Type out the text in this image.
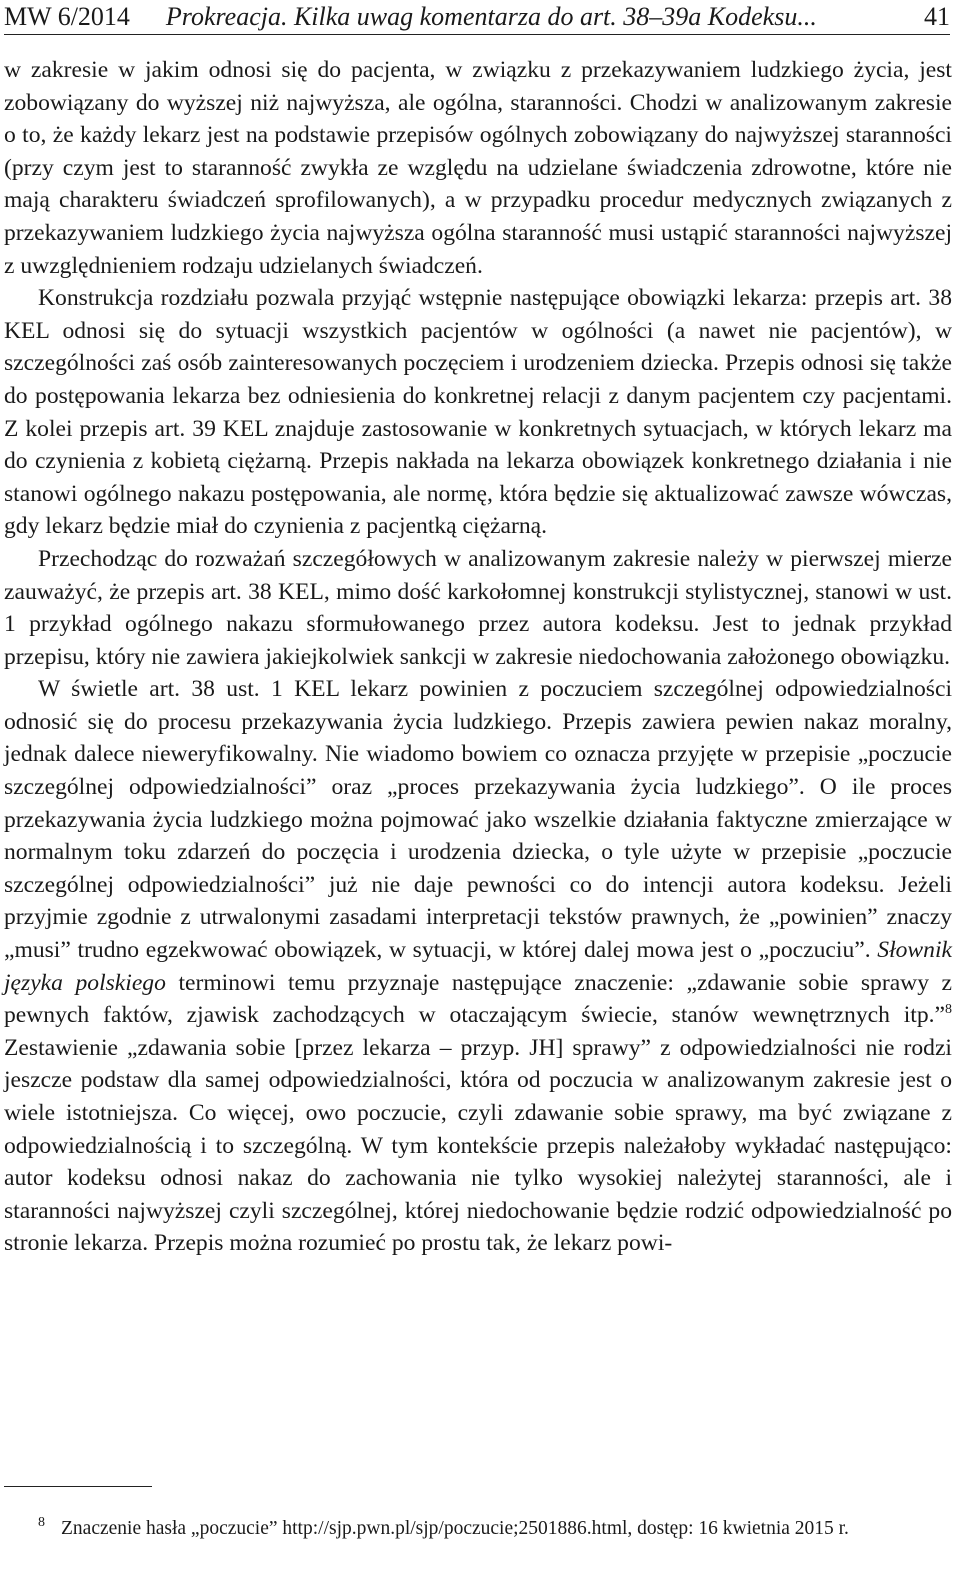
MW 6/2014	Prokreacja. Kilka uwag komentarza do art. 38–39a Kodeksu...	41

w zakresie w jakim odnosi się do pacjenta, w związku z przekazywaniem ludzkiego życia, jest zobowiązany do wyższej niż najwyższa, ale ogólna, staranności. Chodzi w analizowanym zakresie o to, że każdy lekarz jest na podstawie przepisów ogólnych zobowiązany do najwyższej staranności (przy czym jest to staranność zwykła ze względu na udzielane świadczenia zdrowotne, które nie mają charakteru świadczeń sprofilowanych), a w przypadku procedur medycznych związanych z przekazywaniem ludzkiego życia najwyższa ogólna staranność musi ustąpić staranności najwyższej z uwzględnieniem rodzaju udzielanych świadczeń.

Konstrukcja rozdziału pozwala przyjąć wstępnie następujące obowiązki lekarza: przepis art. 38 KEL odnosi się do sytuacji wszystkich pacjentów w ogólności (a nawet nie pacjentów), w szczególności zaś osób zainteresowanych poczęciem i urodzeniem dziecka. Przepis odnosi się także do postępowania lekarza bez odniesienia do konkretnej relacji z danym pacjentem czy pacjentami. Z kolei przepis art. 39 KEL znajduje zastosowanie w konkretnych sytuacjach, w których lekarz ma do czynienia z kobietą ciężarną. Przepis nakłada na lekarza obowiązek konkretnego działania i nie stanowi ogólnego nakazu postępowania, ale normę, która będzie się aktualizować zawsze wówczas, gdy lekarz będzie miał do czynienia z pacjentką ciężarną.

Przechodząc do rozważań szczegółowych w analizowanym zakresie należy w pierwszej mierze zauważyć, że przepis art. 38 KEL, mimo dość karkołomnej konstrukcji stylistycznej, stanowi w ust. 1 przykład ogólnego nakazu sformułowanego przez autora kodeksu. Jest to jednak przykład przepisu, który nie zawiera jakiejkolwiek sankcji w zakresie niedochowania założonego obowiązku.

W świetle art. 38 ust. 1 KEL lekarz powinien z poczuciem szczególnej odpowiedzialności odnosić się do procesu przekazywania życia ludzkiego. Przepis zawiera pewien nakaz moralny, jednak dalece nieweryfikowalny. Nie wiadomo bowiem co oznacza przyjęte w przepisie „poczucie szczególnej odpowiedzialności” oraz „proces przekazywania życia ludzkiego”. O ile proces przekazywania życia ludzkiego można pojmować jako wszelkie działania faktyczne zmierzające w normalnym toku zdarzeń do poczęcia i urodzenia dziecka, o tyle użyte w przepisie „poczucie szczególnej odpowiedzialności” już nie daje pewności co do intencji autora kodeksu. Jeżeli przyjmie zgodnie z utrwalonymi zasadami interpretacji tekstów prawnych, że „powinien” znaczy „musi” trudno egzekwować obowiązek, w sytuacji, w której dalej mowa jest o „poczuciu”. Słownik języka polskiego terminowi temu przyznaje następujące znaczenie: „zdawanie sobie sprawy z pewnych faktów, zjawisk zachodzących w otaczającym świecie, stanów wewnętrznych itp.”$^8$ Zestawienie „zdawania sobie [przez lekarza – przyp. JH] sprawy” z odpowiedzialności nie rodzi jeszcze podstaw dla samej odpowiedzialności, która od poczucia w analizowanym zakresie jest o wiele istotniejsza. Co więcej, owo poczucie, czyli zdawanie sobie sprawy, ma być związane z odpowiedzialnością i to szczególną. W tym kontekście przepis należałoby wykładać następująco: autor kodeksu odnosi nakaz do zachowania nie tylko wysokiej należytej staranności, ale i staranności najwyższej czyli szczególnej, której niedochowanie będzie rodzić odpowiedzialność po stronie lekarza. Przepis można rozumieć po prostu tak, że lekarz powi-

$^8$ Znaczenie hasła „poczucie” http://sjp.pwn.pl/sjp/poczucie;2501886.html, dostęp: 16 kwietnia 2015 r.
